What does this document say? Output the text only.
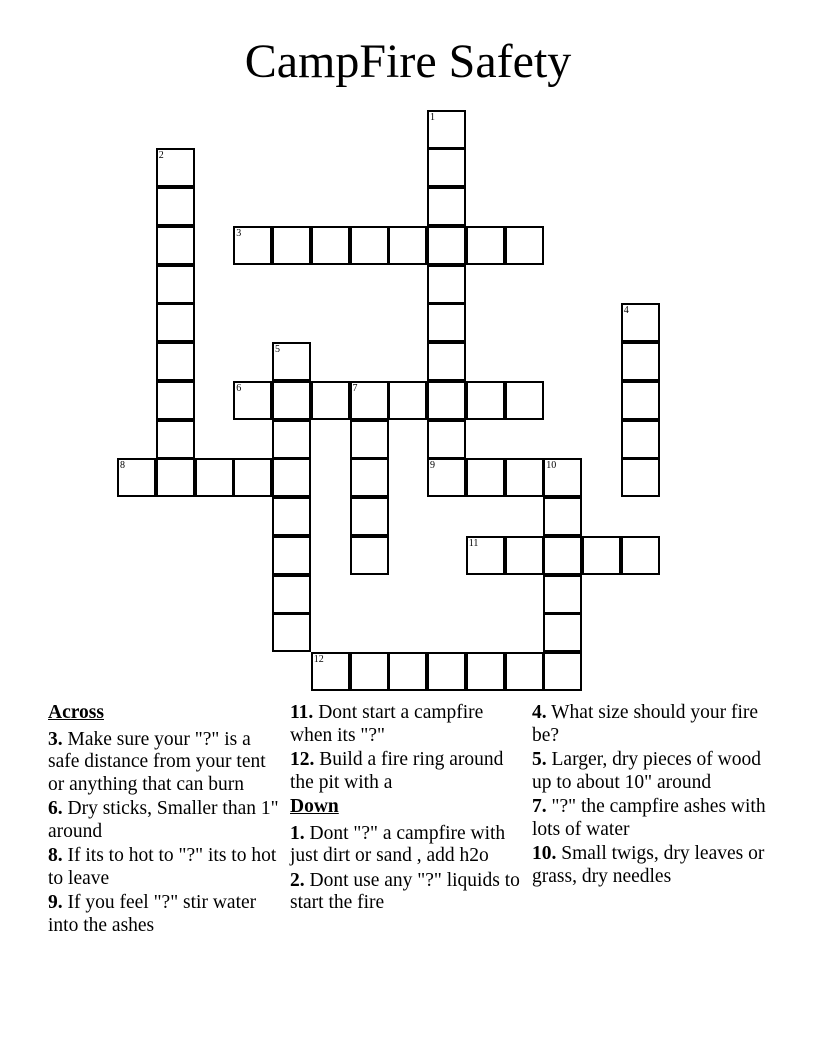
CampFire Safety
3
6	7
8	9	10
11
12
1
2
4
5
Across
3. Make sure your "?" is a safe distance from your tent or anything that can burn
6. Dry sticks, Smaller than 1" around
8. If its to hot to "?" its to hot to leave
9. If you feel "?" stir water into the ashes
11. Dont start a campfire when its "?"
12. Build a fire ring around the pit with a
Down
1. Dont "?" a campfire with just dirt or sand , add h2o
2. Dont use any "?" liquids to start the fire
4. What size should your fire be?
5. Larger, dry pieces of wood up to about 10" around
7. "?" the campfire ashes with lots of water
10. Small twigs, dry leaves or grass, dry needles
